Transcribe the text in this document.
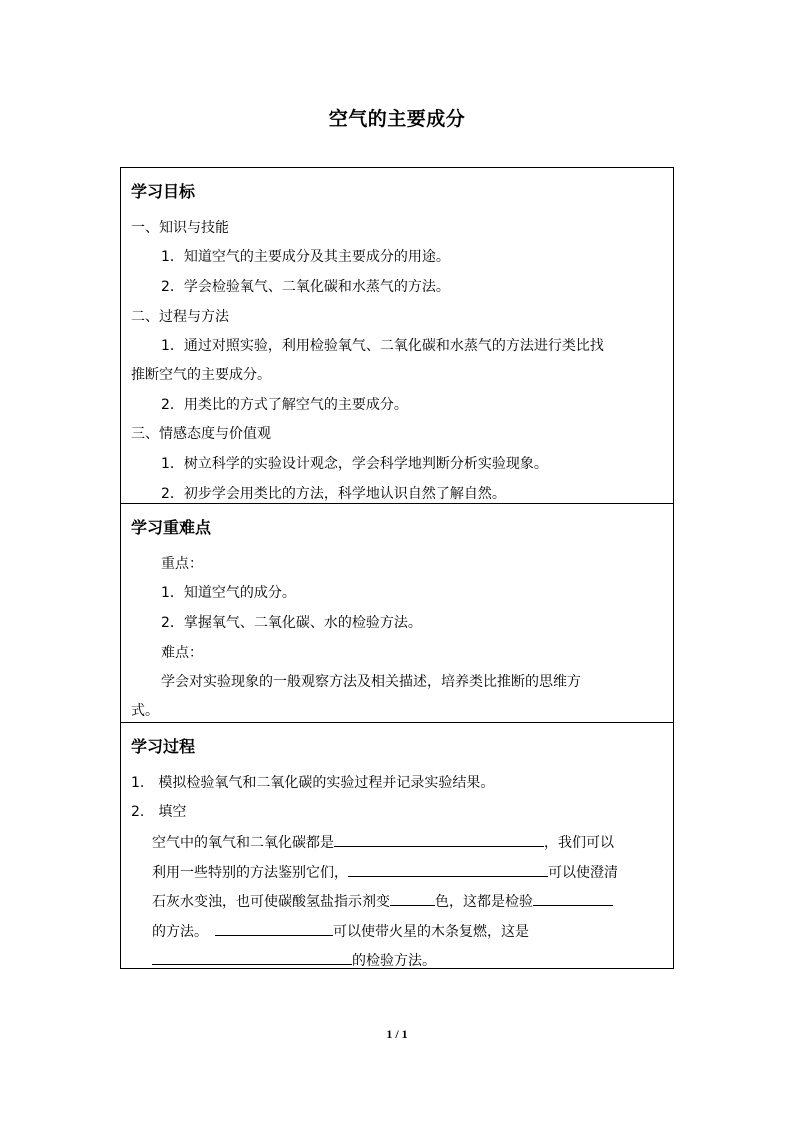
空气的主要成分
学习目标
一、知识与技能
1．知道空气的主要成分及其主要成分的用途。
2．学会检验氧气、二氧化碳和水蒸气的方法。
二、过程与方法
1．通过对照实验，利用检验氧气、二氧化碳和水蒸气的方法进行类比找
推断空气的主要成分。
2．用类比的方式了解空气的主要成分。
三、情感态度与价值观
1．树立科学的实验设计观念，学会科学地判断分析实验现象。
2．初步学会用类比的方法，科学地认识自然了解自然。
学习重难点
重点：
1．知道空气的成分。
2．掌握氧气、二氧化碳、水的检验方法。
难点：
学会对实验现象的一般观察方法及相关描述，培养类比推断的思维方
式。
学习过程
1. 模拟检验氧气和二氧化碳的实验过程并记录实验结果。
2. 填空
空气中的氧气和二氧化碳都是	，我们可以
利用一些特别的方法鉴别它们，	可以使澄清
石灰水变浊，也可使碳酸氢盐指示剂变	色，这都是检验
的方法。	可以使带火星的木条复燃，这是
的检验方法。
1 / 1
